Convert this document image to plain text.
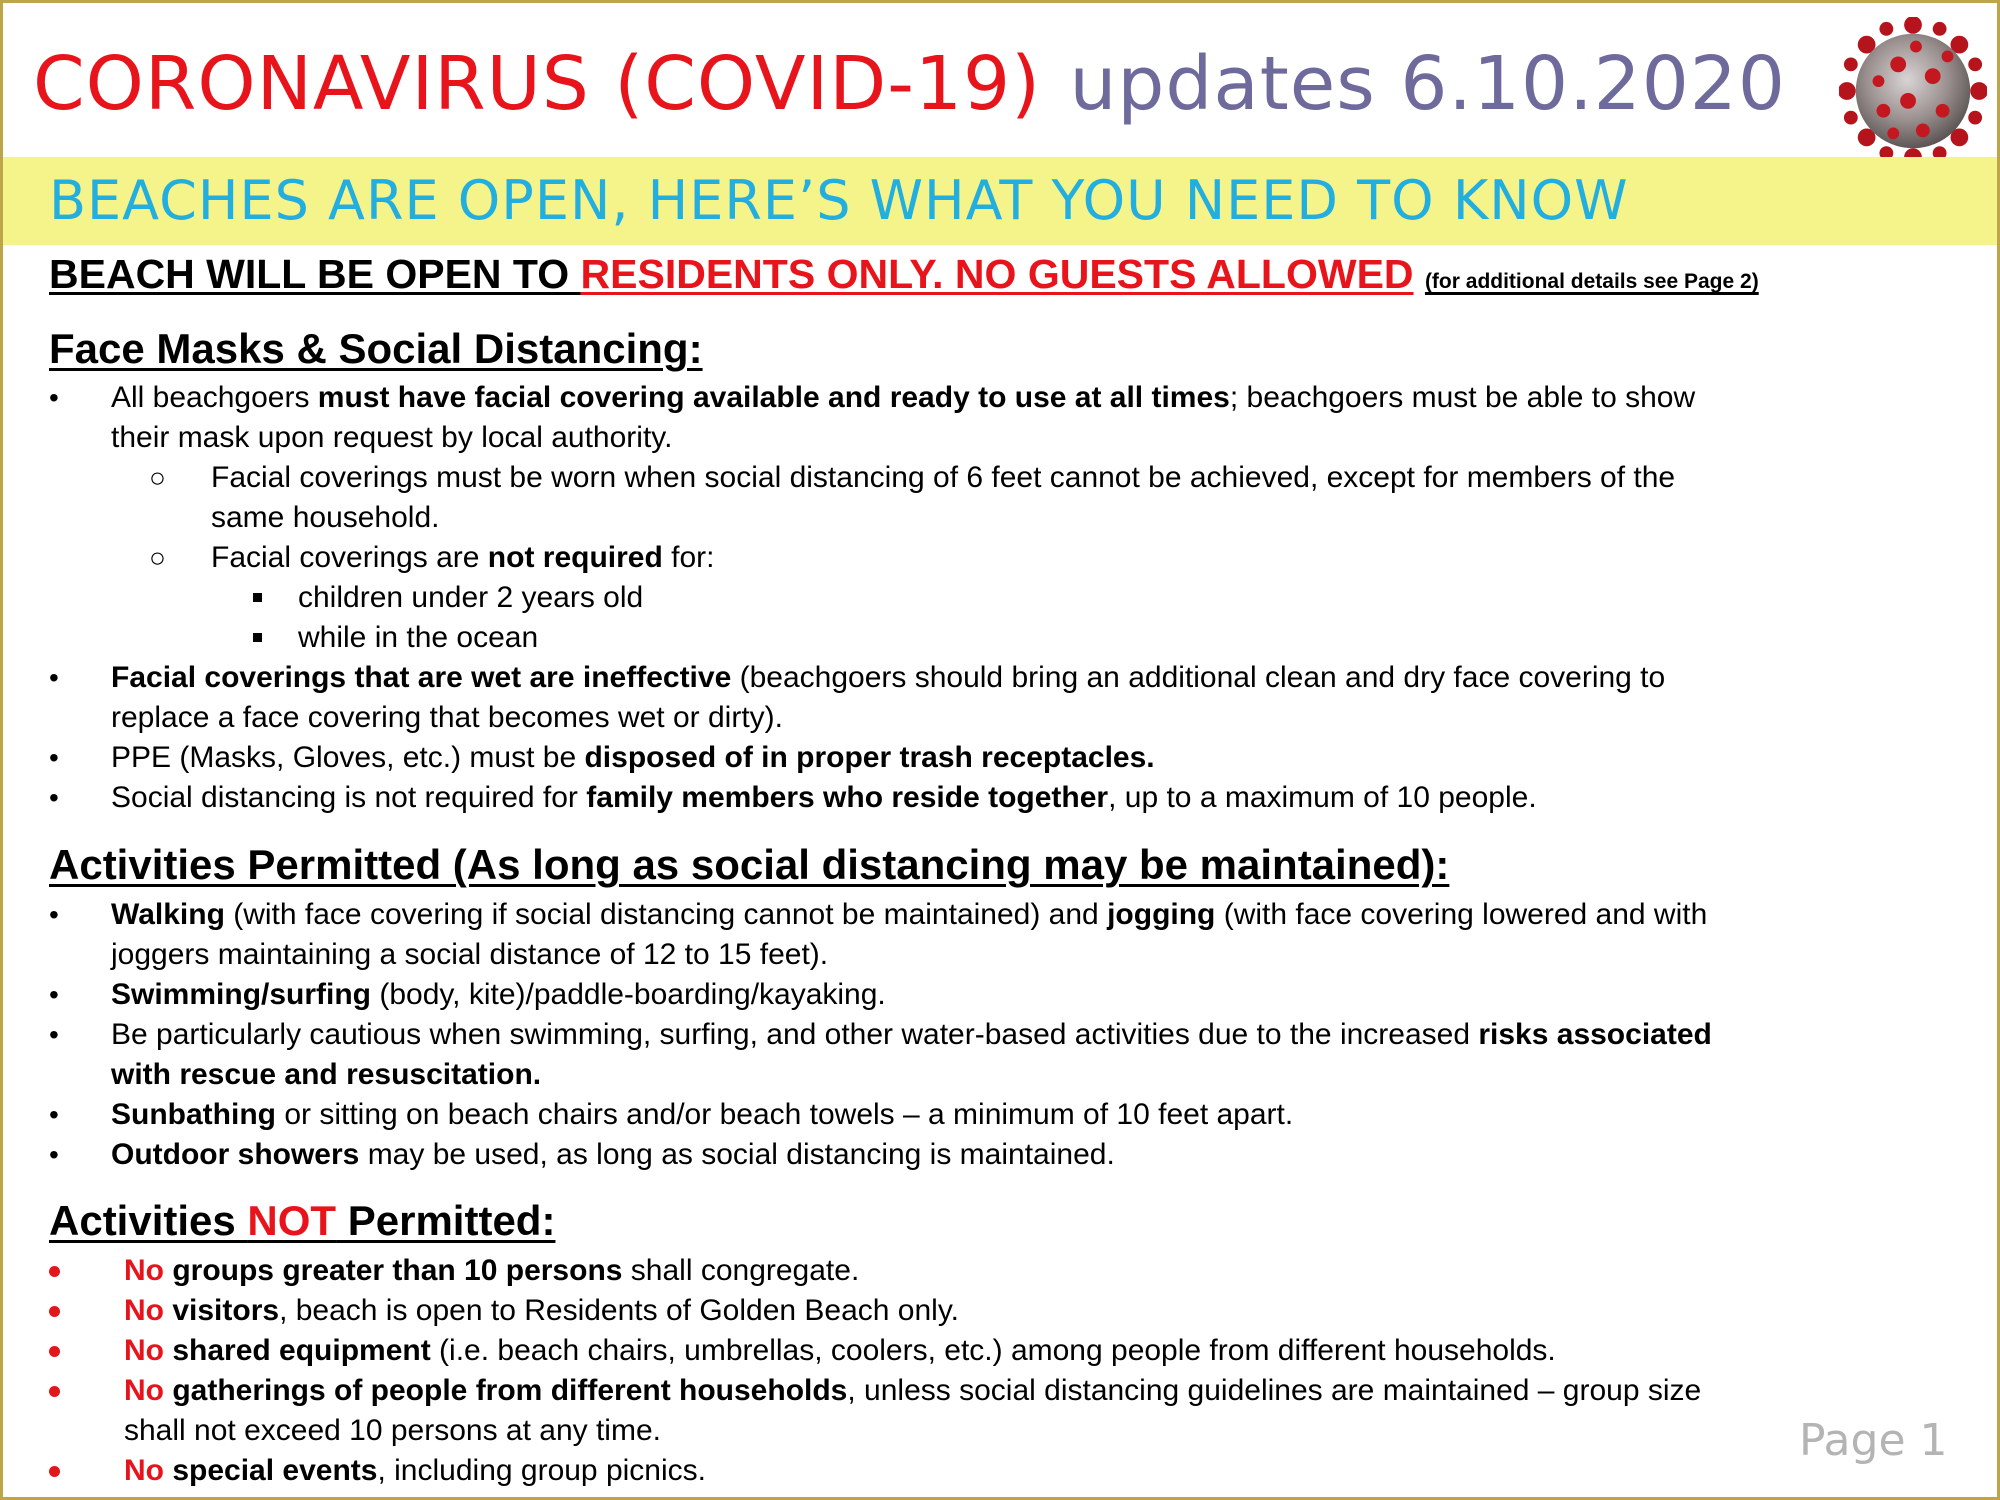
CORONAVIRUS (COVID-19) updates 6.10.2020
BEACHES ARE OPEN, HERE’S WHAT YOU NEED TO KNOW
BEACH WILL BE OPEN TO RESIDENTS ONLY. NO GUESTS ALLOWED (for additional details see Page 2)
Face Masks & Social Distancing:
• All beachgoers must have facial covering available and ready to use at all times; beachgoers must be able to show
their mask upon request by local authority.
○ Facial coverings must be worn when social distancing of 6 feet cannot be achieved, except for members of the
same household.
○ Facial coverings are not required for:
children under 2 years old
while in the ocean
• Facial coverings that are wet are ineffective (beachgoers should bring an additional clean and dry face covering to
replace a face covering that becomes wet or dirty).
• PPE (Masks, Gloves, etc.) must be disposed of in proper trash receptacles.
• Social distancing is not required for family members who reside together, up to a maximum of 10 people.
Activities Permitted (As long as social distancing may be maintained):
• Walking (with face covering if social distancing cannot be maintained) and jogging (with face covering lowered and with
joggers maintaining a social distance of 12 to 15 feet).
• Swimming/surfing (body, kite)/paddle-boarding/kayaking.
• Be particularly cautious when swimming, surfing, and other water-based activities due to the increased risks associated
with rescue and resuscitation.
• Sunbathing or sitting on beach chairs and/or beach towels – a minimum of 10 feet apart.
• Outdoor showers may be used, as long as social distancing is maintained.
Activities NOT Permitted:
No groups greater than 10 persons shall congregate.
No visitors, beach is open to Residents of Golden Beach only.
No shared equipment (i.e. beach chairs, umbrellas, coolers, etc.) among people from different households.
No gatherings of people from different households, unless social distancing guidelines are maintained – group size
shall not exceed 10 persons at any time.
No special events, including group picnics.
Page 1
